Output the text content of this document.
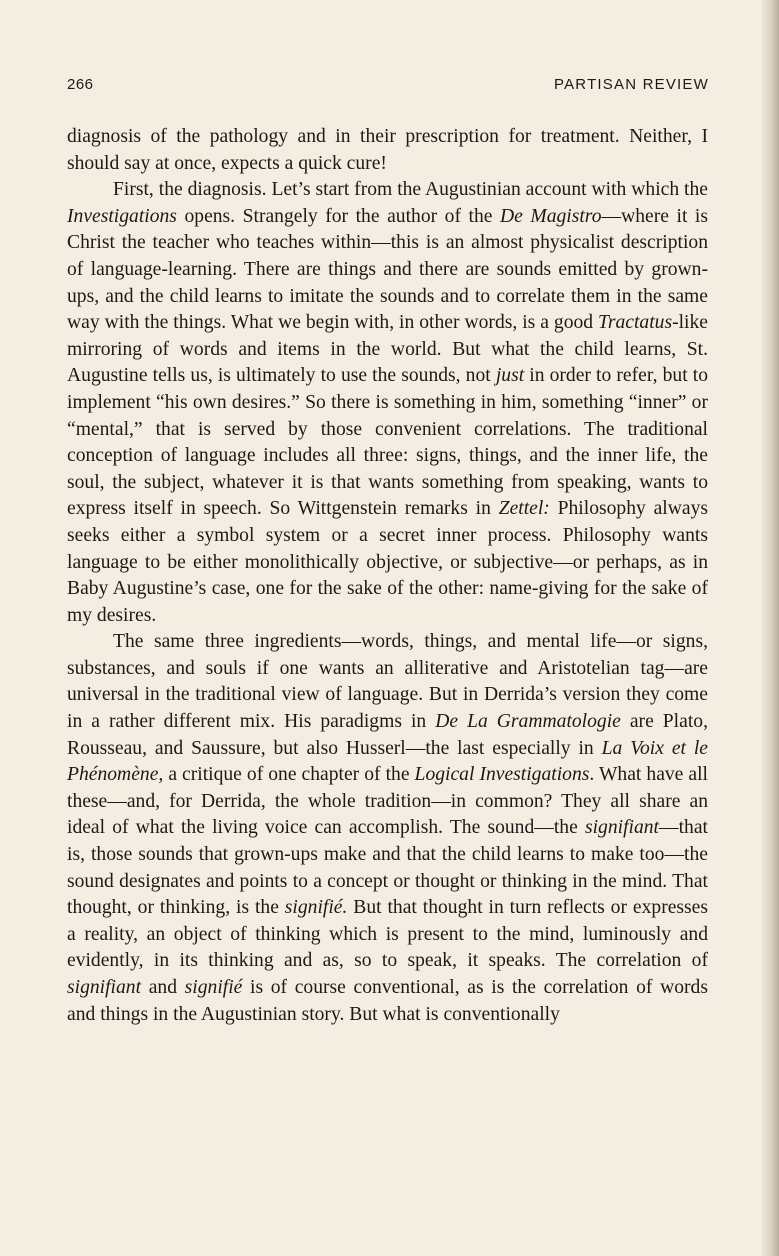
266	PARTISAN REVIEW

diagnosis of the pathology and in their prescription for treatment. Neither, I should say at once, expects a quick cure!

First, the diagnosis. Let’s start from the Augustinian account with which the Investigations opens. Strangely for the author of the De Magistro—where it is Christ the teacher who teaches within—this is an almost physicalist description of language-learning. There are things and there are sounds emitted by grown-ups, and the child learns to imitate the sounds and to correlate them in the same way with the things. What we begin with, in other words, is a good Tractatus-like mirroring of words and items in the world. But what the child learns, St. Augustine tells us, is ultimately to use the sounds, not just in order to refer, but to implement “his own desires.” So there is something in him, something “inner” or “mental,” that is served by those convenient correlations. The traditional conception of language includes all three: signs, things, and the inner life, the soul, the subject, whatever it is that wants something from speaking, wants to express itself in speech. So Wittgenstein remarks in Zettel: Philosophy always seeks either a symbol system or a secret inner process. Philosophy wants language to be either monolithically objective, or subjective—or perhaps, as in Baby Augustine’s case, one for the sake of the other: name-giving for the sake of my desires.

The same three ingredients—words, things, and mental life—or signs, substances, and souls if one wants an alliterative and Aristotelian tag—are universal in the traditional view of language. But in Derrida’s version they come in a rather different mix. His paradigms in De La Grammatologie are Plato, Rousseau, and Saussure, but also Husserl—the last especially in La Voix et le Phénomène, a critique of one chapter of the Logical Investigations. What have all these—and, for Derrida, the whole tradition—in common? They all share an ideal of what the living voice can accomplish. The sound—the signifiant—that is, those sounds that grown-ups make and that the child learns to make too—the sound designates and points to a concept or thought or thinking in the mind. That thought, or thinking, is the signifié. But that thought in turn reflects or expresses a reality, an object of thinking which is present to the mind, luminously and evidently, in its thinking and as, so to speak, it speaks. The correlation of signifiant and signifié is of course conventional, as is the correlation of words and things in the Augustinian story. But what is conventionally
